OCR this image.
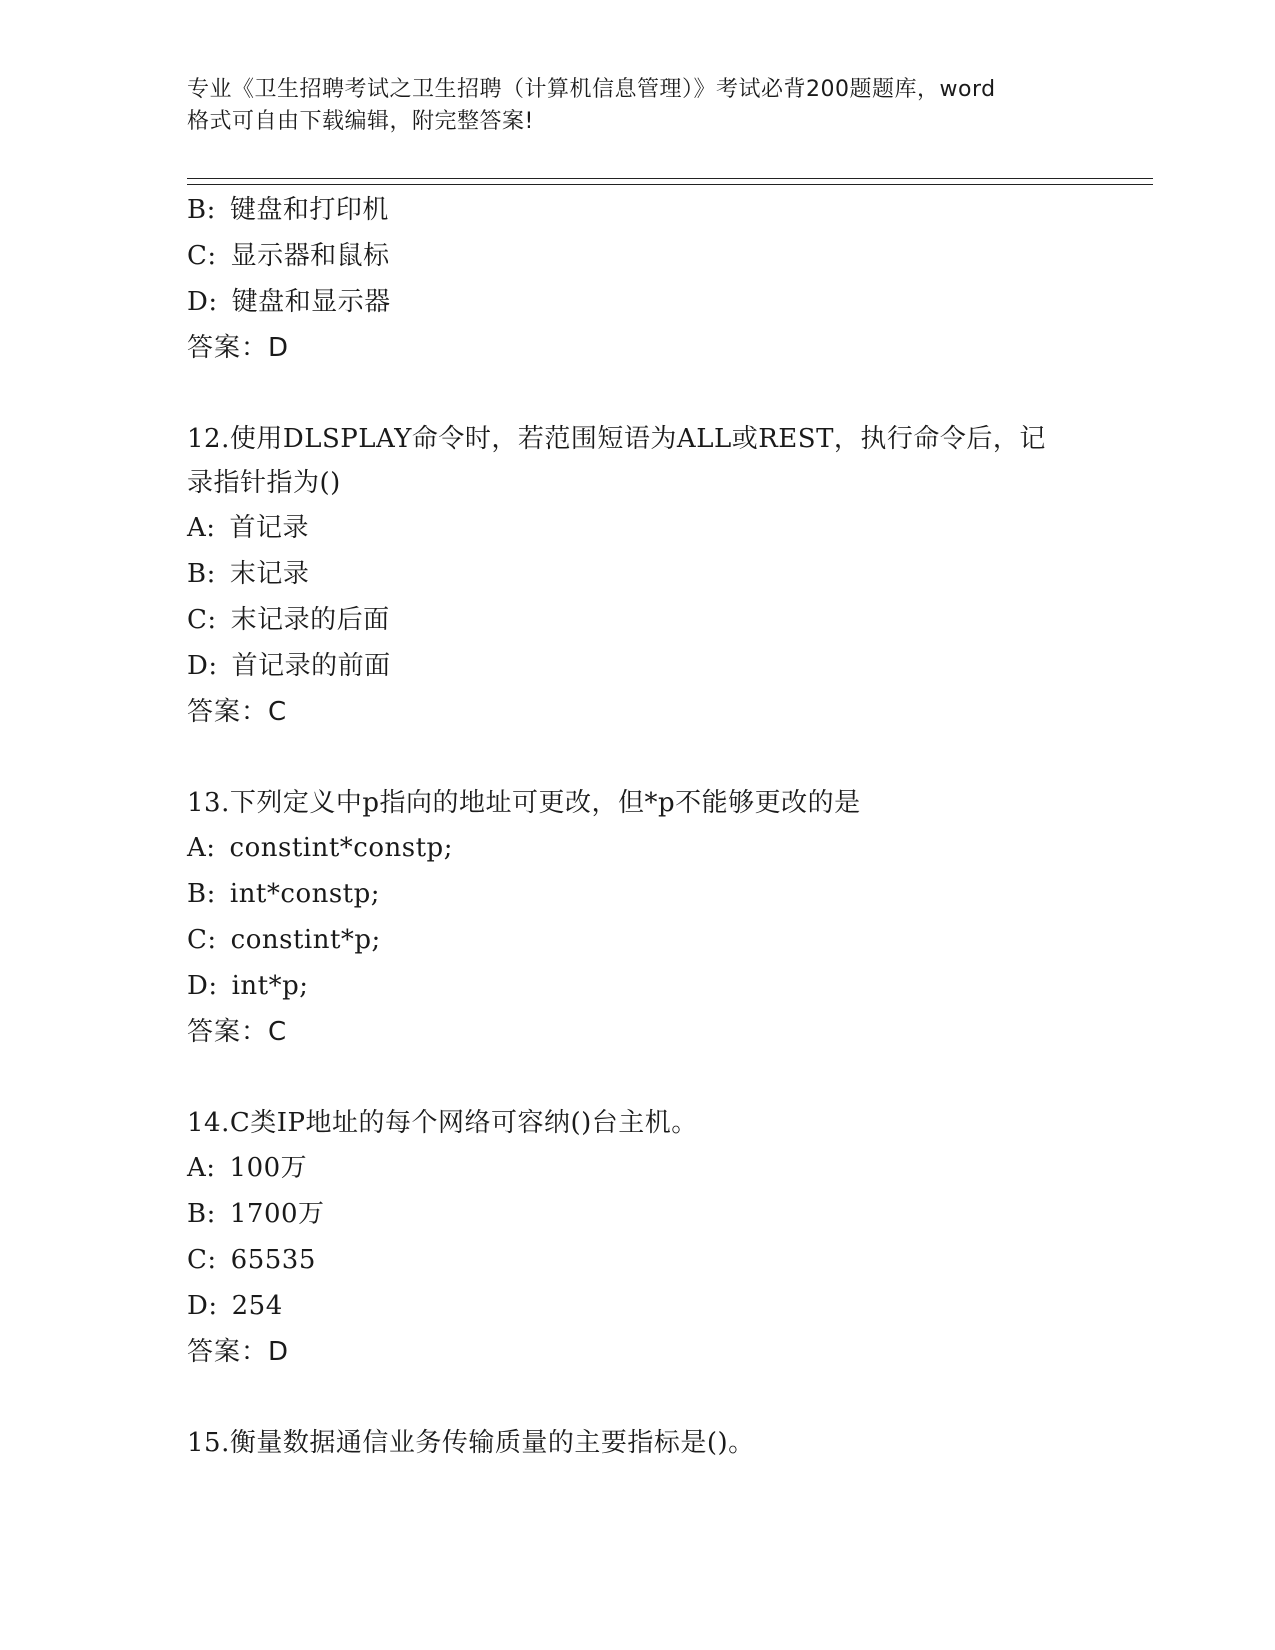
专业《卫生招聘考试之卫生招聘（计算机信息管理）》考试必背200题题库，word
格式可自由下载编辑，附完整答案!
B: 键盘和打印机
C: 显示器和鼠标
D: 键盘和显示器
答案：D
12.使用DLSPLAY命令时，若范围短语为ALL或REST，执行命令后，记
录指针指为()
A: 首记录
B: 末记录
C: 末记录的后面
D: 首记录的前面
答案：C
13.下列定义中p指向的地址可更改，但*p不能够更改的是
A: constint*constp;
B: int*constp;
C: constint*p;
D: int*p;
答案：C
14.C类IP地址的每个网络可容纳()台主机。
A: 100万
B: 1700万
C: 65535
D: 254
答案：D
15.衡量数据通信业务传输质量的主要指标是()。
